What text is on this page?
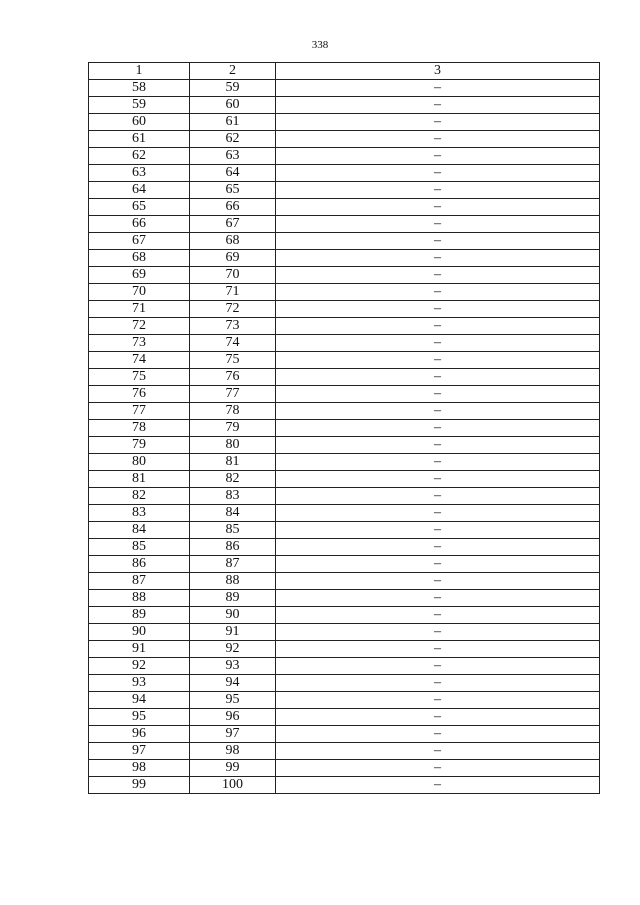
338
1	2	3
58	59	–
59	60	–
60	61	–
61	62	–
62	63	–
63	64	–
64	65	–
65	66	–
66	67	–
67	68	–
68	69	–
69	70	–
70	71	–
71	72	–
72	73	–
73	74	–
74	75	–
75	76	–
76	77	–
77	78	–
78	79	–
79	80	–
80	81	–
81	82	–
82	83	–
83	84	–
84	85	–
85	86	–
86	87	–
87	88	–
88	89	–
89	90	–
90	91	–
91	92	–
92	93	–
93	94	–
94	95	–
95	96	–
96	97	–
97	98	–
98	99	–
99	100	–
